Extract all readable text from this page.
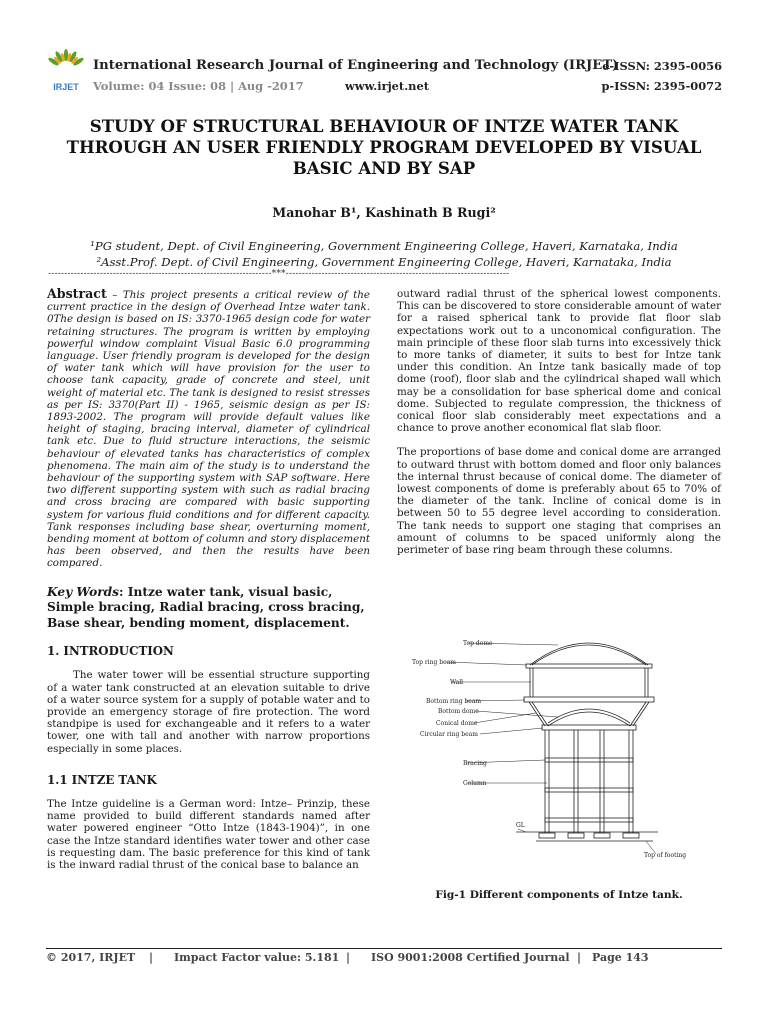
IRJET
International Research Journal of Engineering and Technology (IRJET)
Volume: 04 Issue: 08 | Aug -2017	www.irjet.net
e-ISSN: 2395-0056
p-ISSN: 2395-0072
STUDY OF STRUCTURAL BEHAVIOUR OF INTZE WATER TANK
THROUGH AN USER FRIENDLY PROGRAM DEVELOPED BY VISUAL
BASIC AND BY SAP
Manohar B¹, Kashinath B Rugi²
¹PG student, Dept. of Civil Engineering, Government Engineering College, Haveri, Karnataka, India
²Asst.Prof. Dept. of Civil Engineering, Government Engineering College, Haveri, Karnataka, India
---------------------------------------------------------------------***---------------------------------------------------------------------

Abstract – This project presents a critical review of the current practice in the design of Overhead Intze water tank. 0The design is based on IS: 3370-1965 design code for water retaining structures. The program is written by employing powerful window complaint Visual Basic 6.0 programming language. User friendly program is developed for the design of water tank which will have provision for the user to choose tank capacity, grade of concrete and steel, unit weight of material etc. The tank is designed to resist stresses as per IS: 3370(Part II) - 1965, seismic design as per IS: 1893-2002. The program will provide default values like height of staging, bracing interval, diameter of cylindrical tank etc. Due to fluid structure interactions, the seismic behaviour of elevated tanks has characteristics of complex phenomena. The main aim of the study is to understand the behaviour of the supporting system with SAP software. Here two different supporting system with such as radial bracing and cross bracing are compared with basic supporting system for various fluid conditions and for different capacity. Tank responses including base shear, overturning moment, bending moment at bottom of column and story displacement has been observed, and then the results have been compared.

Key Words: Intze water tank, visual basic, Simple bracing, Radial bracing, cross bracing, Base shear, bending moment, displacement.

1. INTRODUCTION

The water tower will be essential structure supporting of a water tank constructed at an elevation suitable to drive of a water source system for a supply of potable water and to provide an emergency storage of fire protection. The word standpipe is used for exchangeable and it refers to a water tower, one with tall and another with narrow proportions especially in some places.

1.1 INTZE TANK

The Intze guideline is a German word: Intze– Prinzip, these name provided to build different standards named after water powered engineer “Otto Intze (1843-1904)”, in one case the Intze standard identifies water tower and other case is requesting dam. The basic preference for this kind of tank is the inward radial thrust of the conical base to balance an

outward radial thrust of the spherical lowest components. This can be discovered to store considerable amount of water for a raised spherical tank to provide flat floor slab expectations work out to a unconomical configuration. The main principle of these floor slab turns into excessively thick to more tanks of diameter, it suits to best for Intze tank under this condition. An Intze tank basically made of top dome (roof), floor slab and the cylindrical shaped wall which may be a consolidation for base spherical dome and conical dome. Subjected to regulate compression, the thickness of conical floor slab considerably meet expectations and a chance to prove another economical flat slab floor.

The proportions of base dome and conical dome are arranged to outward thrust with bottom domed and floor only balances the internal thrust because of conical dome. The diameter of lowest components of dome is preferably about 65 to 70% of the diameter of the tank. Incline of conical dome is in between 50 to 55 degree level according to consideration. The tank needs to support one staging that comprises an amount of columns to be spaced uniformly along the perimeter of base ring beam through these columns.

Top dome
Top ring beam
Wall
Bottom ring beam
Bottom dome
Conical dome
Circular ring beam
Bracing
Column
GL
Top of footing
Fig-1 Different components of Intze tank.
© 2017, IRJET | Impact Factor value: 5.181 | ISO 9001:2008 Certified Journal | Page 143
